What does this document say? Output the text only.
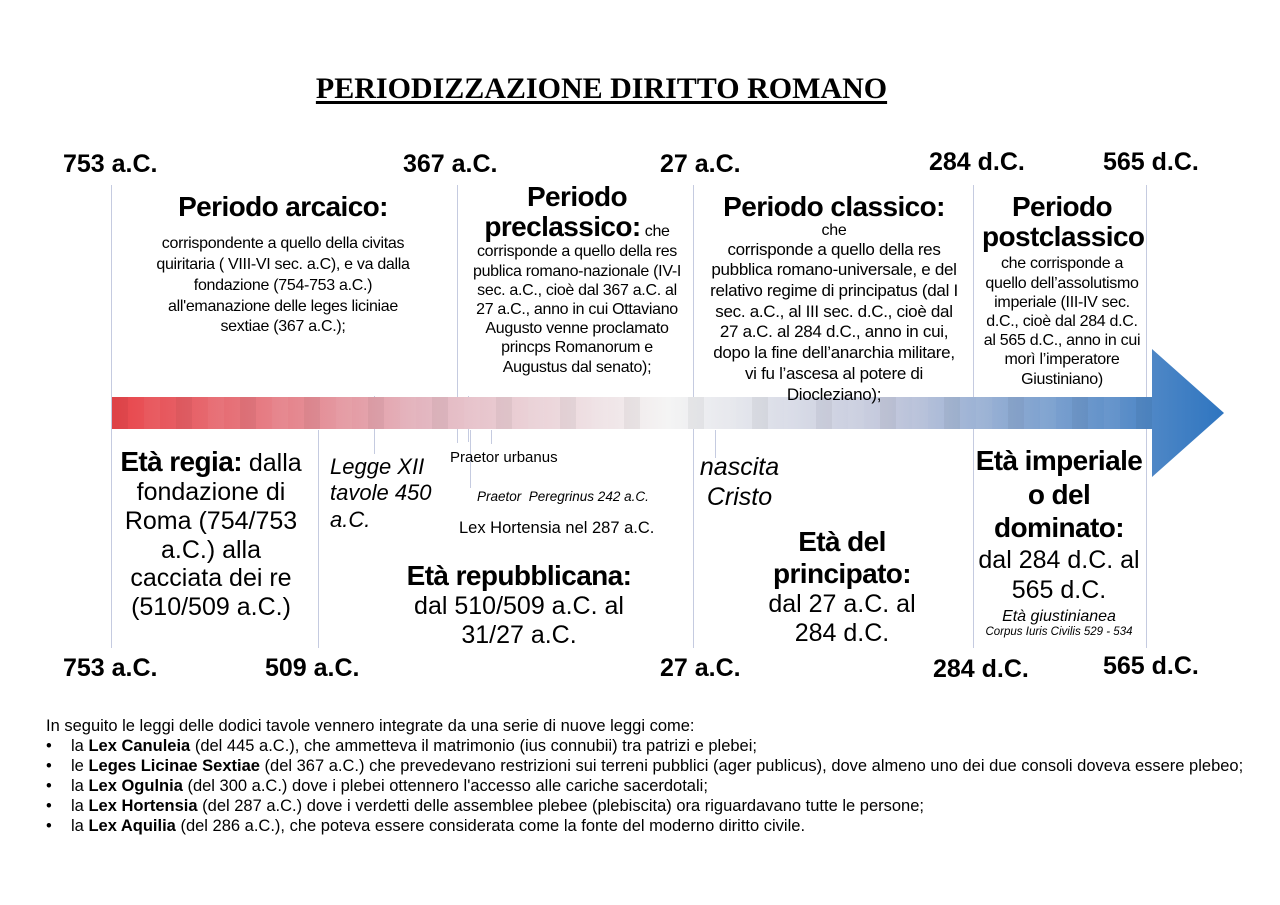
PERIODIZZAZIONE DIRITTO ROMANO
753 a.C.	367 a.C.	27 a.C.	284 d.C.	565 d.C.
Periodo arcaico:
corrispondente a quello della civitas quiritaria ( VIII-VI sec. a.C), e va dalla fondazione (754-753 a.C.) all'emanazione delle leges liciniae sextiae (367 a.C.);
Periodo
preclassico: che
corrisponde a quello della res publica romano-nazionale (IV-I sec. a.C., cioè dal 367 a.C. al 27 a.C., anno in cui Ottaviano Augusto venne proclamato princps Romanorum e Augustus dal senato);
Periodo classico: che
corrisponde a quello della res pubblica romano-universale, e del relativo regime di principatus (dal I sec. a.C., al III sec. d.C., cioè dal 27 a.C. al 284 d.C., anno in cui, dopo la fine dell’anarchia militare, vi fu l’ascesa al potere di Diocleziano);
Periodo postclassico
che corrisponde a quello dell’assolutismo imperiale (III-IV sec. d.C., cioè dal 284 d.C. al 565 d.C., anno in cui morì l’imperatore Giustiniano)
Legge XII tavole 450 a.C.
Praetor urbanus
Praetor  Peregrinus 242 a.C.
Lex Hortensia nel 287 a.C.
nascita Cristo
Età regia: dalla fondazione di Roma (754/753 a.C.) alla cacciata dei re (510/509 a.C.)
Età repubblicana:
dal 510/509 a.C. al 31/27 a.C.
Età del principato:
dal 27 a.C. al 284 d.C.
Età imperiale o del dominato:
dal 284 d.C. al 565 d.C.
Età giustinianea
Corpus Iuris Civilis 529 - 534
753 a.C.	509 a.C.	27 a.C.	284 d.C.	565 d.C.
In seguito le leggi delle dodici tavole vennero integrate da una serie di nuove leggi come:
• la Lex Canuleia (del 445 a.C.), che ammetteva il matrimonio (ius connubii) tra patrizi e plebei;
• le Leges Licinae Sextiae (del 367 a.C.) che prevedevano restrizioni sui terreni pubblici (ager publicus), dove almeno uno dei due consoli doveva essere plebeo;
• la Lex Ogulnia (del 300 a.C.) dove i plebei ottennero l'accesso alle cariche sacerdotali;
• la Lex Hortensia (del 287 a.C.) dove i verdetti delle assemblee plebee (plebiscita) ora riguardavano tutte le persone;
• la Lex Aquilia (del 286 a.C.), che poteva essere considerata come la fonte del moderno diritto civile.
